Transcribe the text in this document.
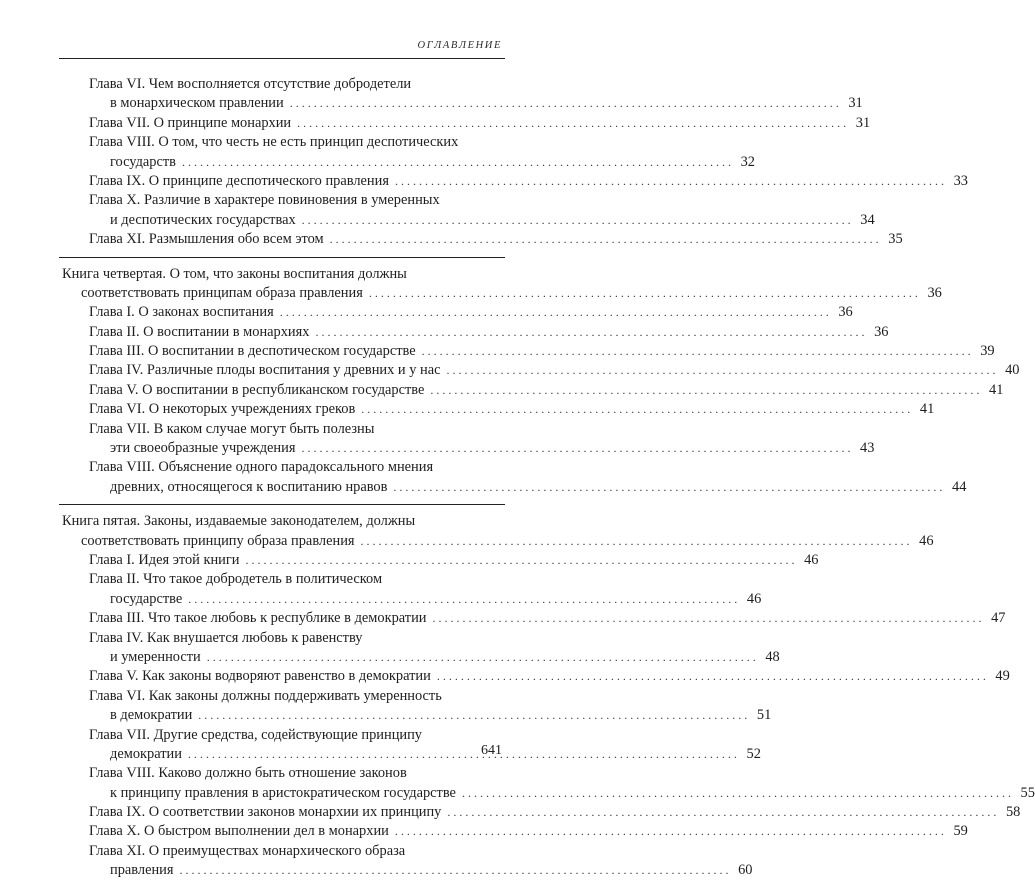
ОГЛАВЛЕНИЕ
Глава VI. Чем восполняется отсутствие добродетели
в монархическом правлении . . .	31
Глава VII. О принципе монархии . . .	31
Глава VIII. О том, что честь не есть принцип деспотических
государств . . .	32
Глава IX. О принципе деспотического правления . . .	33
Глава X. Различие в характере повиновения в умеренных
и деспотических государствах . . .	34
Глава XI. Размышления обо всем этом . . .	35
Книга четвертая. О том, что законы воспитания должны
соответствовать принципам образа правления . . .	36
Глава I. О законах воспитания . . .	36
Глава II. О воспитании в монархиях . . .	36
Глава III. О воспитании в деспотическом государстве . . .	39
Глава IV. Различные плоды воспитания у древних и у нас . . .	40
Глава V. О воспитании в республиканском государстве . . .	41
Глава VI. О некоторых учреждениях греков . . .	41
Глава VII. В каком случае могут быть полезны
эти своеобразные учреждения . . .	43
Глава VIII. Объяснение одного парадоксального мнения
древних, относящегося к воспитанию нравов . . .	44
Книга пятая. Законы, издаваемые законодателем, должны
соответствовать принципу образа правления . . .	46
Глава I. Идея этой книги . . .	46
Глава II. Что такое добродетель в политическом
государстве . . .	46
Глава III. Что такое любовь к республике в демократии . . .	47
Глава IV. Как внушается любовь к равенству
и умеренности . . .	48
Глава V. Как законы водворяют равенство в демократии . . .	49
Глава VI. Как законы должны поддерживать умеренность
в демократии . . .	51
Глава VII. Другие средства, содействующие принципу
демократии . . .	52
Глава VIII. Каково должно быть отношение законов
к принципу правления в аристократическом государстве . . .	55
Глава IX. О соответствии законов монархии их принципу . . .	58
Глава X. О быстром выполнении дел в монархии . . .	59
Глава XI. О преимуществах монархического образа
правления . . .	60
641
